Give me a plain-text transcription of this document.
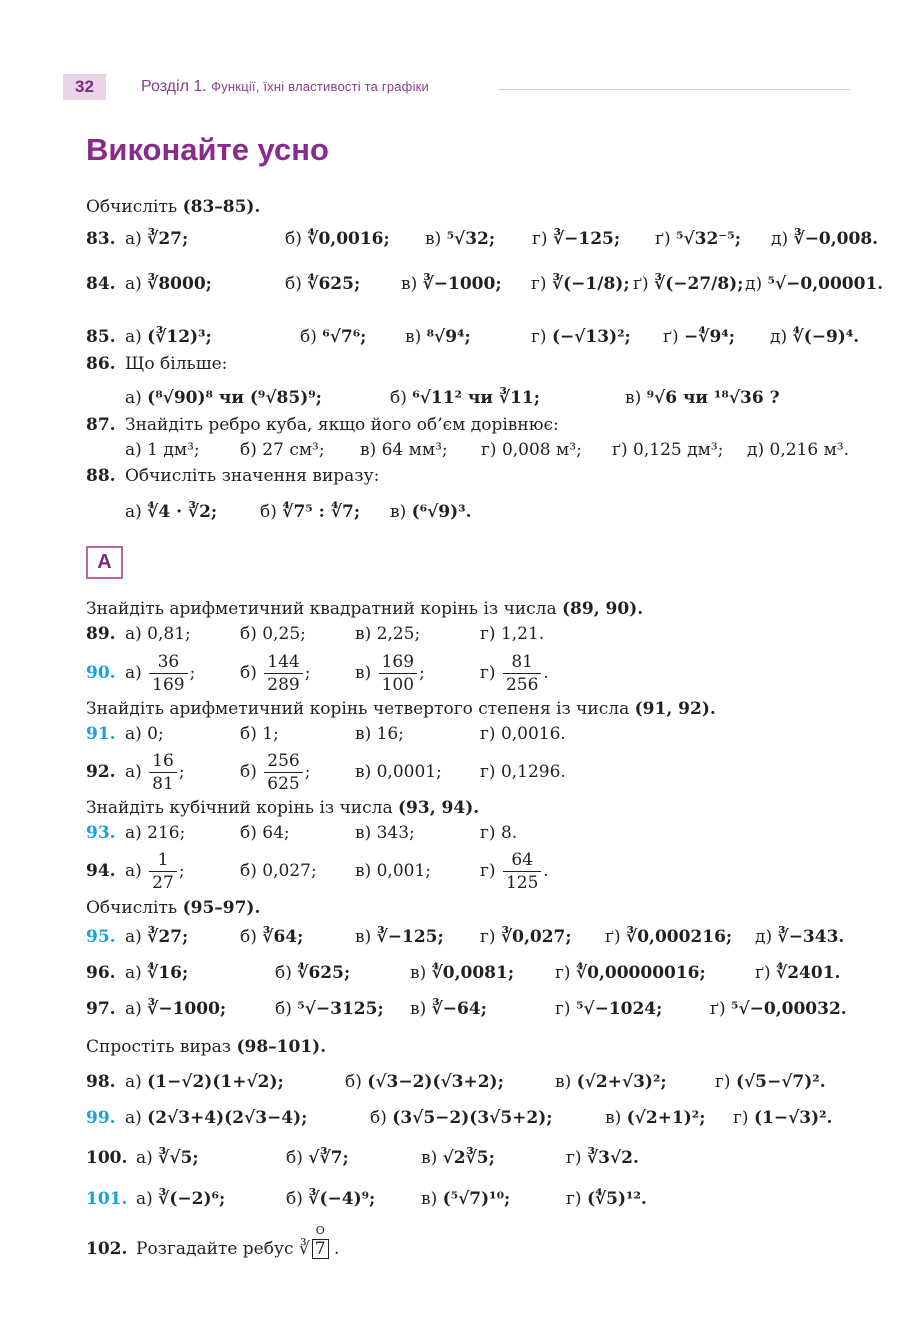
32	Розділ 1. Функції, їхні властивості та графіки
Виконайте усно
А
Обчисліть (83–85).
83. а) ∛27;	б) ∜0,0016; в) ⁵√32; г) ∛−125; ґ) ⁵√32⁻⁵; д) ∛−0,008.
84. а) ∛8000;	б) ∜625; в) ∛−1000; г) ∛(−1/8); ґ) ∛(−27/8); д) ⁵√−0,00001.
85. а) (∛12)³;	б) ⁶√7⁶; в) ⁸√9⁴;	г) (−√13)²; ґ) −∜9⁴; д) ∜(−9)⁴.
86. Що більше:
а) (⁸√90)⁸ чи (⁹√85)⁹;	б) ⁶√11² чи ∛11;	в) ⁹√6 чи ¹⁸√36 ?
87. Знайдіть ребро куба, якщо його об’єм дорівнює:
а) 1 дм³; б) 27 см³; в) 64 мм³; г) 0,008 м³; ґ) 0,125 дм³; д) 0,216 м³.
88. Обчисліть значення виразу:
а) ∜4 · ∛2;	б) ∜7⁵ : ∜7; в) (⁶√9)³.
Знайдіть арифметичний квадратний корінь із числа (89, 90).
89. а) 0,81;	б) 0,25;	в) 2,25;	г) 1,21.
90. $а) \frac{36}{169}$ ;	$б) \frac{144}{289}$ ;	$в) \frac{169}{100}$ ;	$г) \frac{81}{256}$ .
Знайдіть арифметичний корінь четвертого степеня із числа (91, 92).
91. а) 0;	б) 1;	в) 16;	г) 0,0016.
92. $а) \frac{16}{81}$ ;	$б) \frac{256}{625}$ ;	в) 0,0001; г) 0,1296.
Знайдіть кубічний корінь із числа (93, 94).
93. а) 216;	б) 64;	в) 343;	г) 8.
94. $а) \frac{1}{27}$ ;	б) 0,027; в) 0,001;	$г) \frac{64}{125}$ .
Обчисліть (95–97).
95. а) ∛27;	б) ∛64;	в) ∛−125; г) ∛0,027; ґ) ∛0,000216; д) ∛−343.
96. а) ∜16;	б) ∜625;	в) ∜0,0081; г) ∜0,00000016;	ґ) ∜2401.
97. а) ∛−1000;	б) ⁵√−3125; в) ∛−64;	г) ⁵√−1024;	ґ) ⁵√−0,00032.
Спростіть вираз (98–101).
98. а) (1−√2)(1+√2);	б) (√3−2)(√3+2);	в) (√2+√3)²;	г) (√5−√7)².
99. а) (2√3+4)(2√3−4);	б) (3√5−2)(3√5+2);	в) (√2+1)²; г) (1−√3)².
100. а) ∛√5;	б) √∛7;	в) √2∛5;	г) ∛3√2.
101. а) ∛(−2)⁶;	б) ∛(−4)⁹;	в) (⁵√7)¹⁰;	г) (∜5)¹².
102. Розгадайте ребус ∛ 7
О
.
